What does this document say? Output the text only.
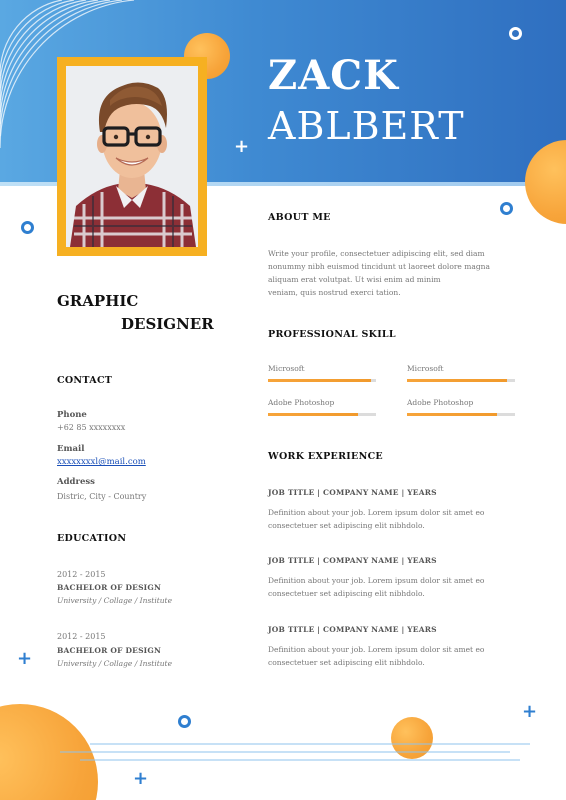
+
+
+
+
ZACK
ABLBERT
GRAPHIC
DESIGNER
CONTACT
Phone
+62 85 xxxxxxxx
Email
xxxxxxxxl@mail.com
Address
Distric, City - Country
EDUCATION
2012 - 2015
BACHELOR OF DESIGN
University / Collage / Institute
2012 - 2015
BACHELOR OF DESIGN
University / Collage / Institute
ABOUT ME
Write your profile, consectetuer adipiscing elit, sed diam
nonummy nibh euismod tincidunt ut laoreet dolore magna
aliquam erat volutpat. Ut wisi enim ad minim
veniam, quis nostrud exerci tation.
PROFESSIONAL SKILL
Microsoft	Microsoft
Adobe Photoshop	Adobe Photoshop
WORK EXPERIENCE
JOB TITLE | COMPANY NAME | YEARS
Definition about your job. Lorem ipsum dolor sit amet eo
consectetuer set adipiscing elit nibhdolo.
JOB TITLE | COMPANY NAME | YEARS
Definition about your job. Lorem ipsum dolor sit amet eo
consectetuer set adipiscing elit nibhdolo.
JOB TITLE | COMPANY NAME | YEARS
Definition about your job. Lorem ipsum dolor sit amet eo
consectetuer set adipiscing elit nibhdolo.
